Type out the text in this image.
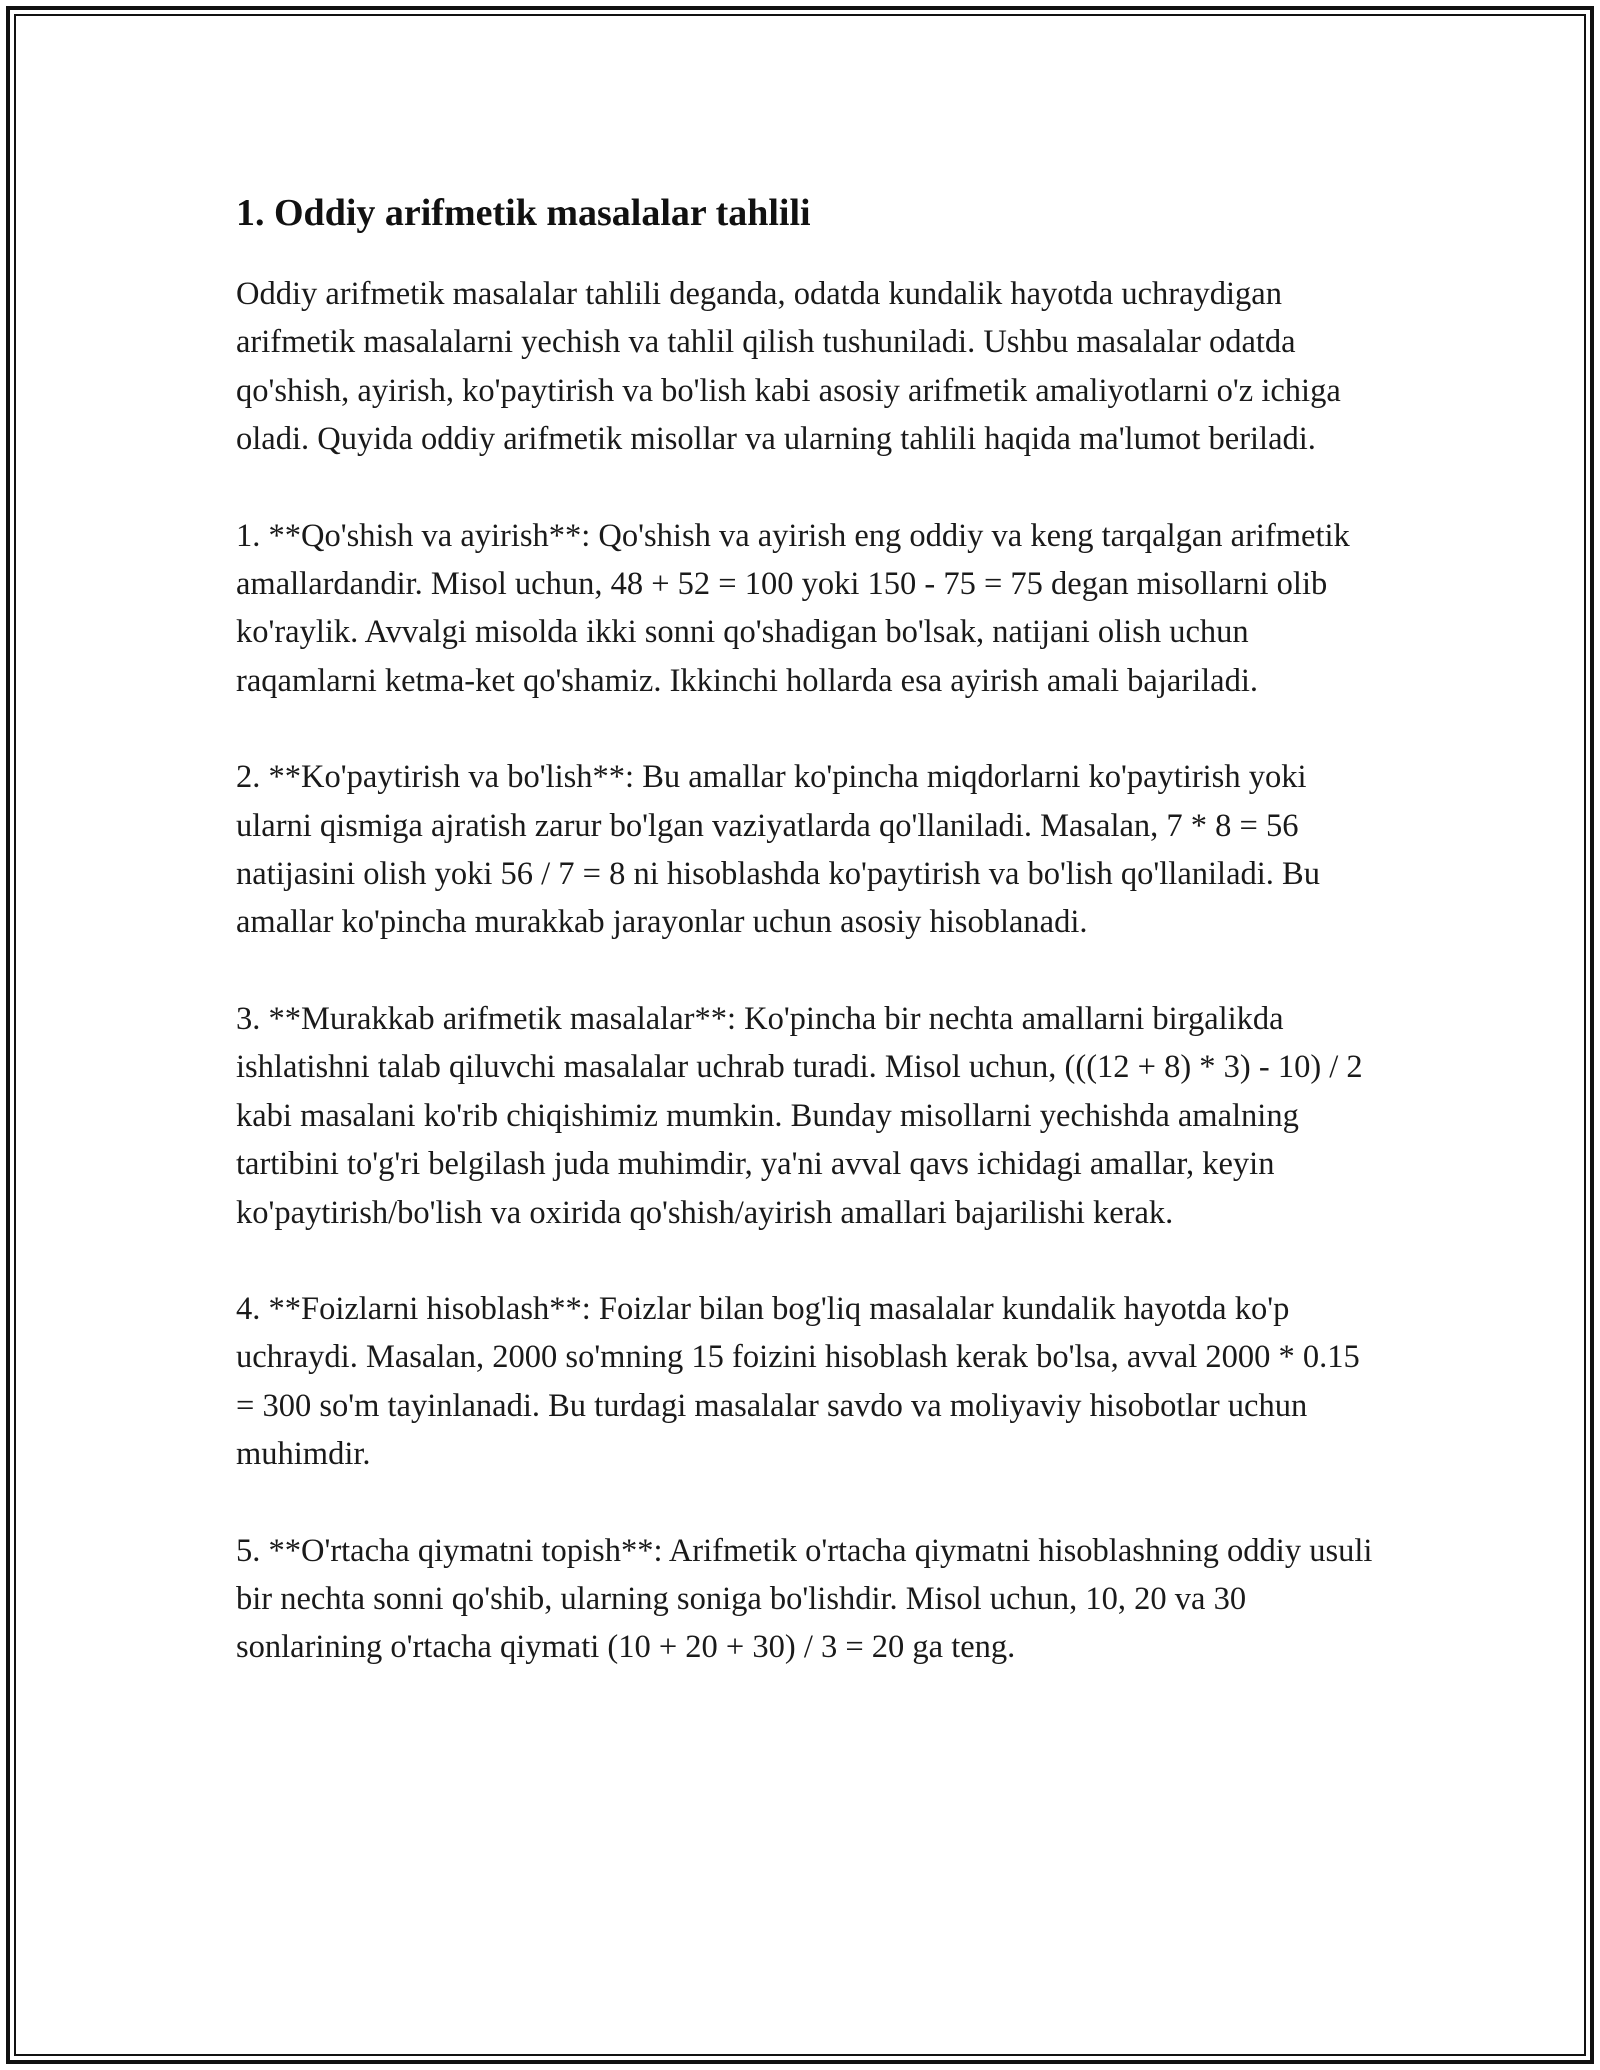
1. Oddiy arifmetik masalalar tahlili

Oddiy arifmetik masalalar tahlili deganda, odatda kundalik hayotda uchraydigan arifmetik masalalarni yechish va tahlil qilish tushuniladi. Ushbu masalalar odatda qo'shish, ayirish, ko'paytirish va bo'lish kabi asosiy arifmetik amaliyotlarni o'z ichiga oladi. Quyida oddiy arifmetik misollar va ularning tahlili haqida ma'lumot beriladi.

1. **Qo'shish va ayirish**: Qo'shish va ayirish eng oddiy va keng tarqalgan arifmetik amallardandir. Misol uchun, 48 + 52 = 100 yoki 150 - 75 = 75 degan misollarni olib ko'raylik. Avvalgi misolda ikki sonni qo'shadigan bo'lsak, natijani olish uchun raqamlarni ketma-ket qo'shamiz. Ikkinchi hollarda esa ayirish amali bajariladi.

2. **Ko'paytirish va bo'lish**: Bu amallar ko'pincha miqdorlarni ko'paytirish yoki ularni qismiga ajratish zarur bo'lgan vaziyatlarda qo'llaniladi. Masalan, 7 * 8 = 56 natijasini olish yoki 56 / 7 = 8 ni hisoblashda ko'paytirish va bo'lish qo'llaniladi. Bu amallar ko'pincha murakkab jarayonlar uchun asosiy hisoblanadi.

3. **Murakkab arifmetik masalalar**: Ko'pincha bir nechta amallarni birgalikda ishlatishni talab qiluvchi masalalar uchrab turadi. Misol uchun, (((12 + 8) * 3) - 10) / 2 kabi masalani ko'rib chiqishimiz mumkin. Bunday misollarni yechishda amalning tartibini to'g'ri belgilash juda muhimdir, ya'ni avval qavs ichidagi amallar, keyin ko'paytirish/bo'lish va oxirida qo'shish/ayirish amallari bajarilishi kerak.

4. **Foizlarni hisoblash**: Foizlar bilan bog'liq masalalar kundalik hayotda ko'p uchraydi. Masalan, 2000 so'mning 15 foizini hisoblash kerak bo'lsa, avval 2000 * 0.15 = 300 so'm tayinlanadi. Bu turdagi masalalar savdo va moliyaviy hisobotlar uchun muhimdir.

5. **O'rtacha qiymatni topish**: Arifmetik o'rtacha qiymatni hisoblashning oddiy usuli bir nechta sonni qo'shib, ularning soniga bo'lishdir. Misol uchun, 10, 20 va 30 sonlarining o'rtacha qiymati (10 + 20 + 30) / 3 = 20 ga teng.
